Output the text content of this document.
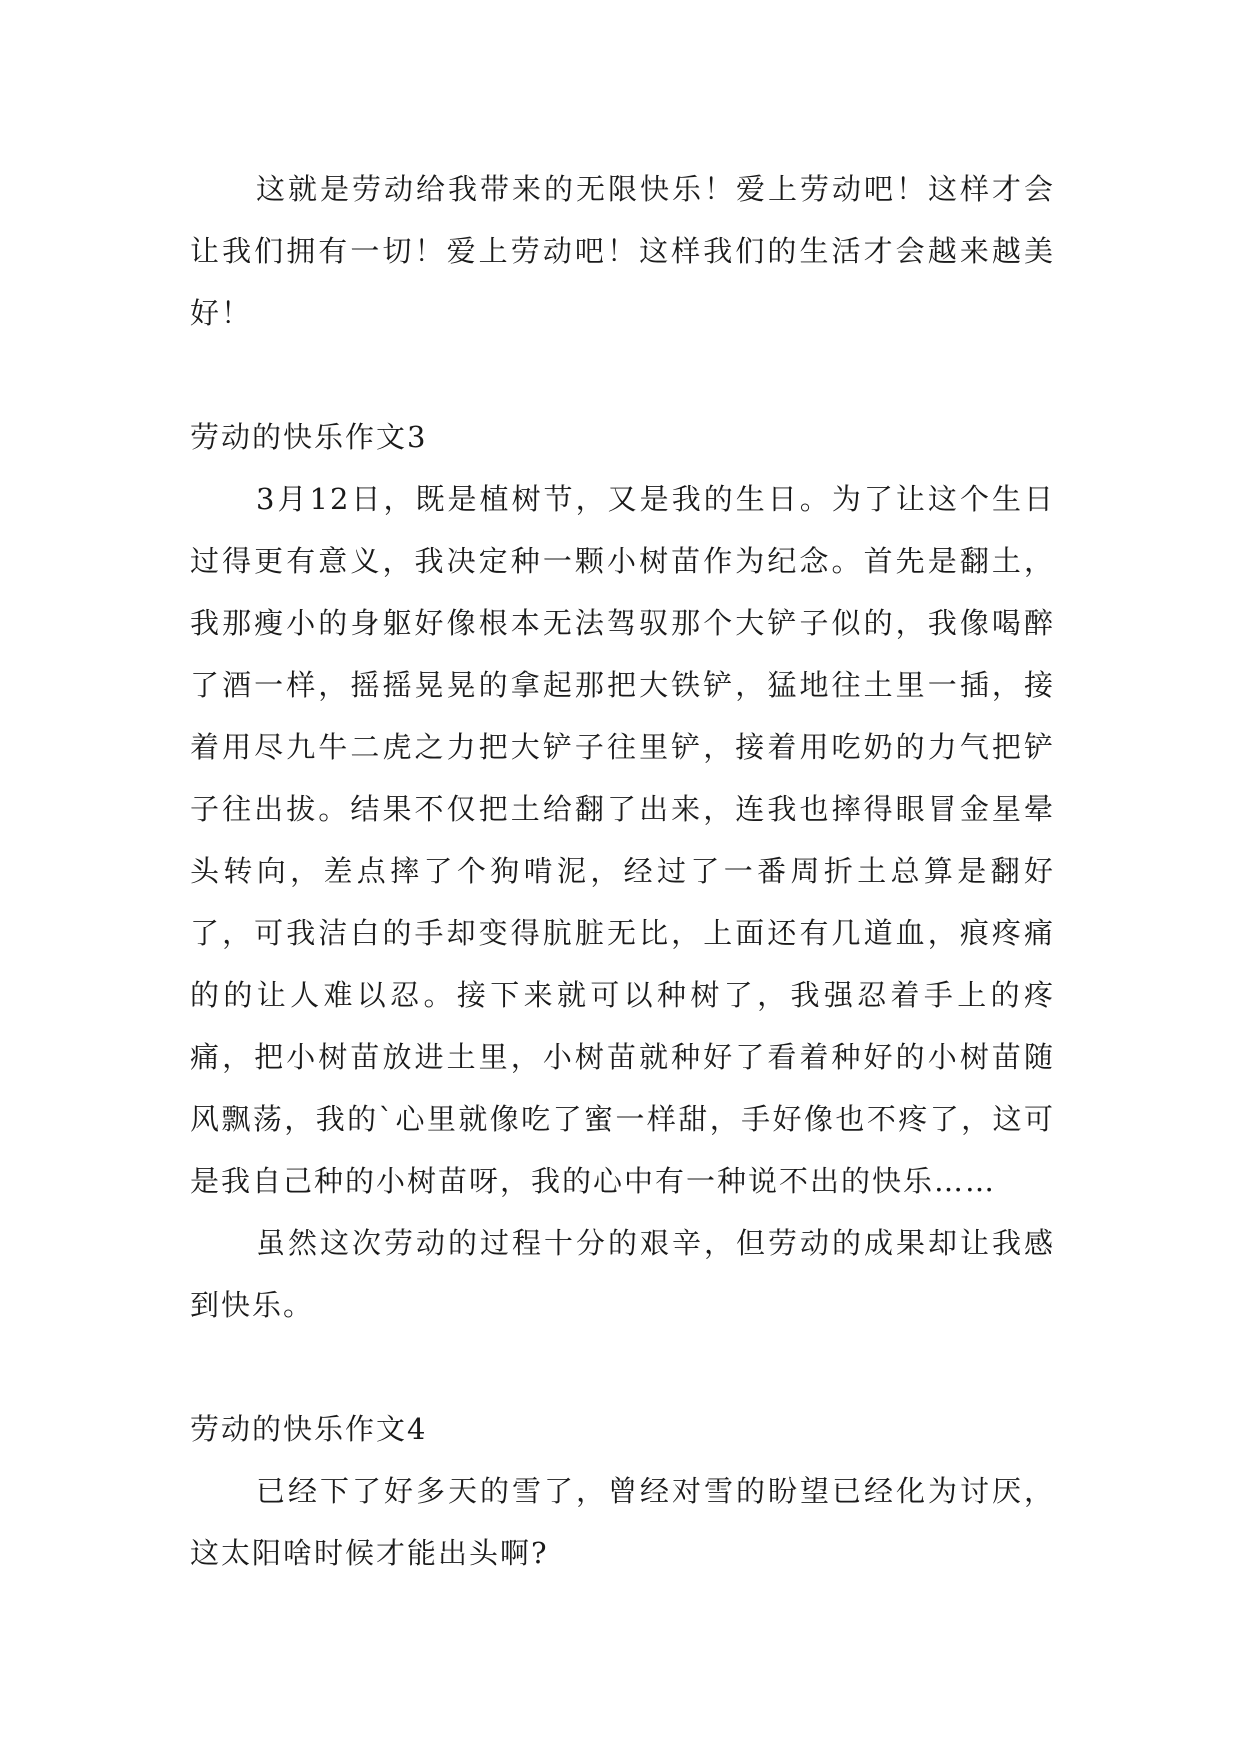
这就是劳动给我带来的无限快乐！爱上劳动吧！这样才会让我们拥有一切！爱上劳动吧！这样我们的生活才会越来越美好！

劳动的快乐作文3

3月12日，既是植树节，又是我的生日。为了让这个生日过得更有意义，我决定种一颗小树苗作为纪念。首先是翻土，我那瘦小的身躯好像根本无法驾驭那个大铲子似的，我像喝醉了酒一样，摇摇晃晃的拿起那把大铁铲，猛地往土里一插，接着用尽九牛二虎之力把大铲子往里铲，接着用吃奶的力气把铲子往出拔。结果不仅把土给翻了出来，连我也摔得眼冒金星晕头转向，差点摔了个狗啃泥，经过了一番周折土总算是翻好了，可我洁白的手却变得肮脏无比，上面还有几道血，痕疼痛的的让人难以忍。接下来就可以种树了，我强忍着手上的疼痛，把小树苗放进土里，小树苗就种好了看着种好的小树苗随风飘荡，我的`心里就像吃了蜜一样甜，手好像也不疼了，这可是我自己种的小树苗呀，我的心中有一种说不出的快乐……

虽然这次劳动的过程十分的艰辛，但劳动的成果却让我感到快乐。

劳动的快乐作文4

已经下了好多天的雪了，曾经对雪的盼望已经化为讨厌，这太阳啥时候才能出头啊?
